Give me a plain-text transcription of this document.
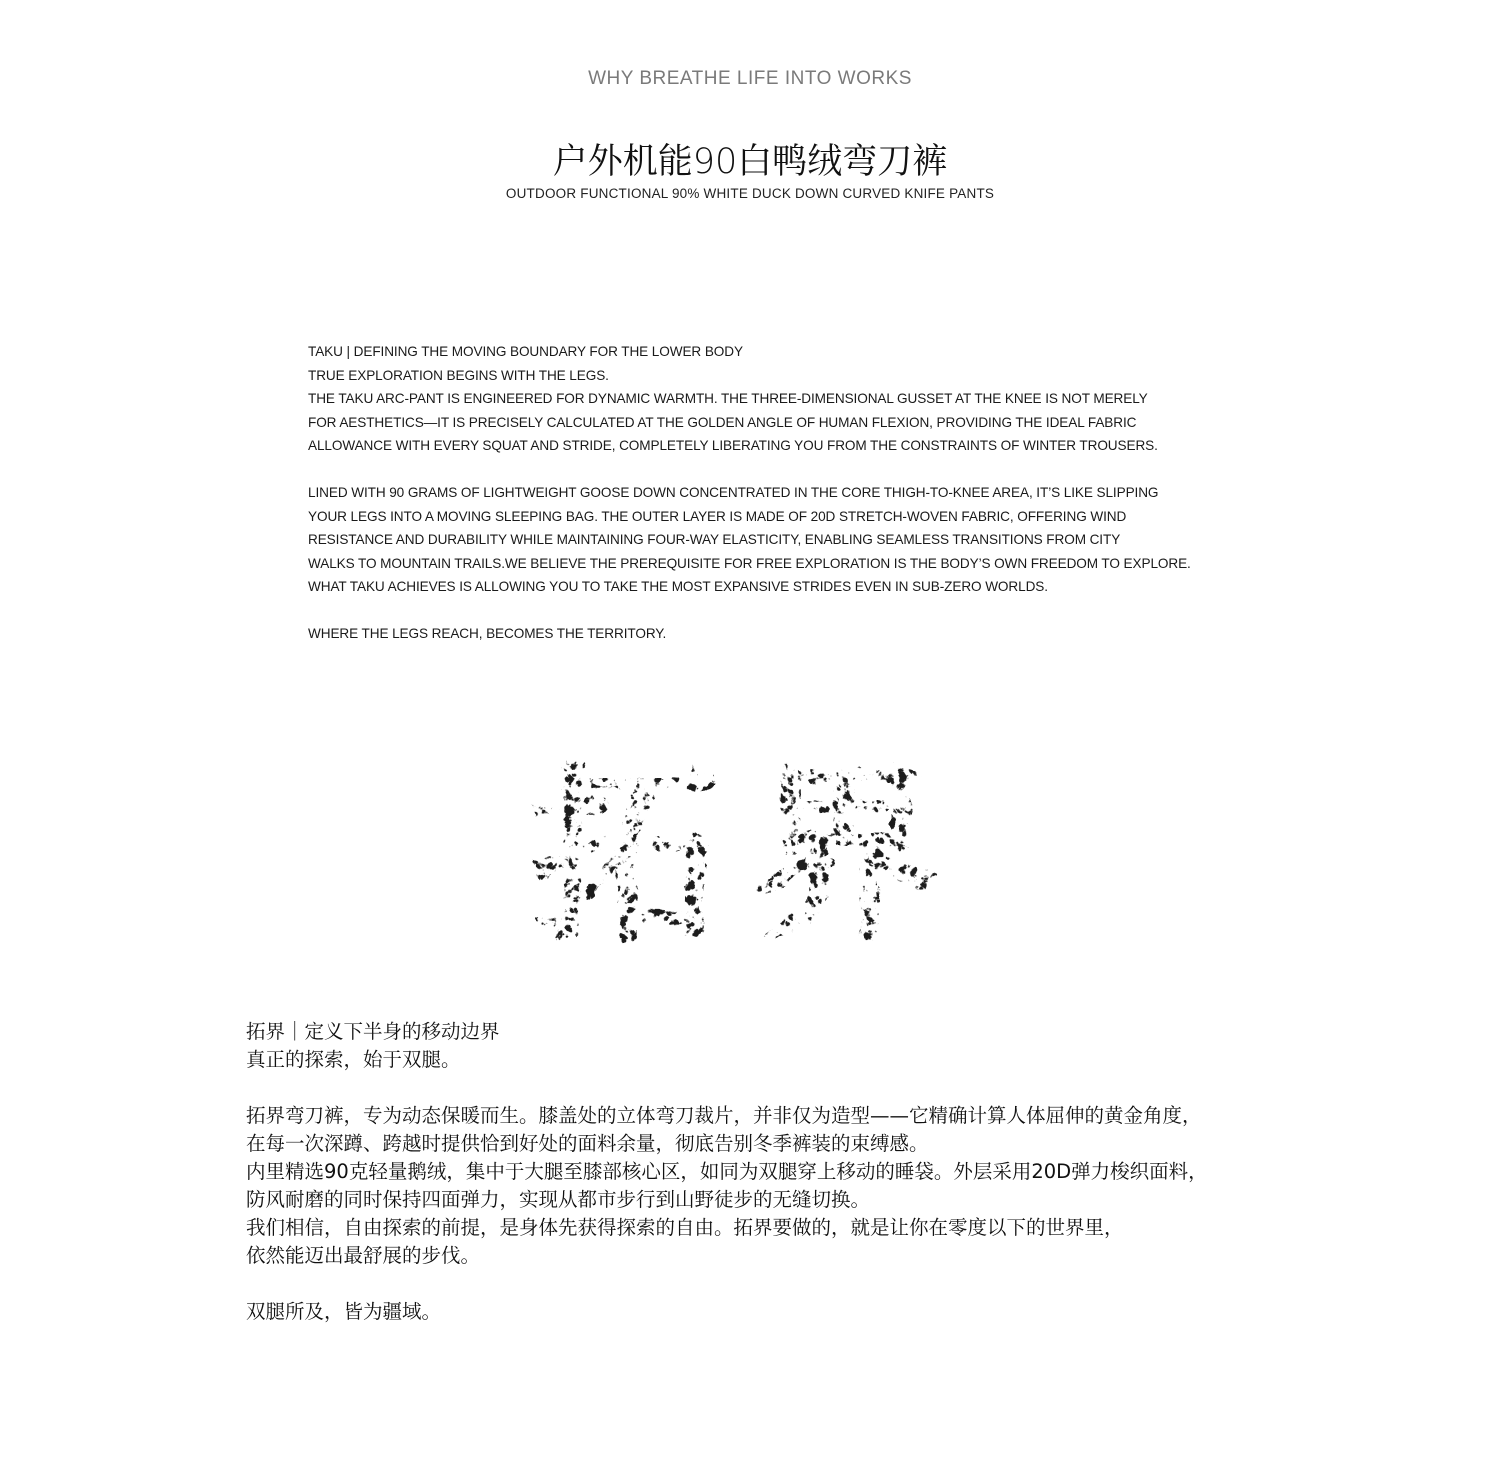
WHY BREATHE LIFE INTO WORKS
户外机能90白鸭绒弯刀裤
OUTDOOR FUNCTIONAL 90% WHITE DUCK DOWN CURVED KNIFE PANTS

TAKU | DEFINING THE MOVING BOUNDARY FOR THE LOWER BODY

TRUE EXPLORATION BEGINS WITH THE LEGS.

THE TAKU ARC-PANT IS ENGINEERED FOR DYNAMIC WARMTH. THE THREE-DIMENSIONAL GUSSET AT THE KNEE IS NOT MERELY

FOR AESTHETICS—IT IS PRECISELY CALCULATED AT THE GOLDEN ANGLE OF HUMAN FLEXION, PROVIDING THE IDEAL FABRIC

ALLOWANCE WITH EVERY SQUAT AND STRIDE, COMPLETELY LIBERATING YOU FROM THE CONSTRAINTS OF WINTER TROUSERS.

LINED WITH 90 GRAMS OF LIGHTWEIGHT GOOSE DOWN CONCENTRATED IN THE CORE THIGH-TO-KNEE AREA, IT’S LIKE SLIPPING

YOUR LEGS INTO A MOVING SLEEPING BAG. THE OUTER LAYER IS MADE OF 20D STRETCH-WOVEN FABRIC, OFFERING WIND

RESISTANCE AND DURABILITY WHILE MAINTAINING FOUR-WAY ELASTICITY, ENABLING SEAMLESS TRANSITIONS FROM CITY

WALKS TO MOUNTAIN TRAILS.WE BELIEVE THE PREREQUISITE FOR FREE EXPLORATION IS THE BODY’S OWN FREEDOM TO EXPLORE.

WHAT TAKU ACHIEVES IS ALLOWING YOU TO TAKE THE MOST EXPANSIVE STRIDES EVEN IN SUB-ZERO WORLDS.

WHERE THE LEGS REACH, BECOMES THE TERRITORY.

拓界

拓界｜定义下半身的移动边界

真正的探索，始于双腿。

拓界弯刀裤，专为动态保暖而生。膝盖处的立体弯刀裁片，并非仅为造型——它精确计算人体屈伸的黄金角度，

在每一次深蹲、跨越时提供恰到好处的面料余量，彻底告别冬季裤装的束缚感。

内里精选90克轻量鹅绒，集中于大腿至膝部核心区，如同为双腿穿上移动的睡袋。外层采用20D弹力梭织面料，

防风耐磨的同时保持四面弹力，实现从都市步行到山野徒步的无缝切换。

我们相信，自由探索的前提，是身体先获得探索的自由。拓界要做的，就是让你在零度以下的世界里，

依然能迈出最舒展的步伐。

双腿所及，皆为疆域。
